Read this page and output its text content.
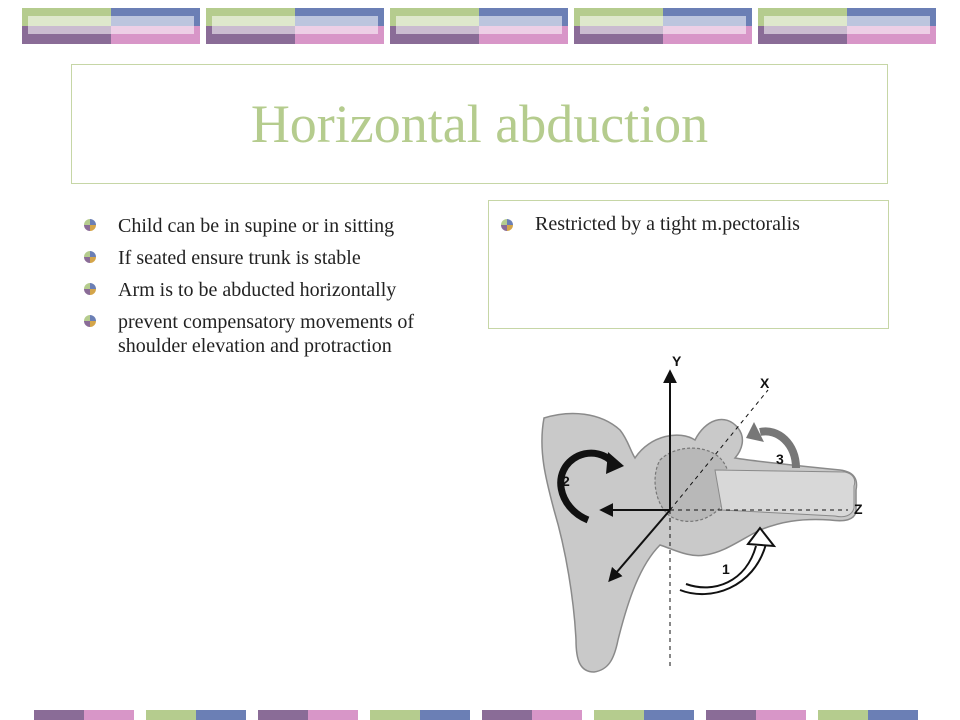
Horizontal abduction
Child can be in supine or in sitting
If seated ensure trunk is stable
Arm is to be abducted horizontally
prevent compensatory movements of shoulder elevation and protraction
Restricted by a tight m.pectoralis
Y
X
Z
1
2
3
